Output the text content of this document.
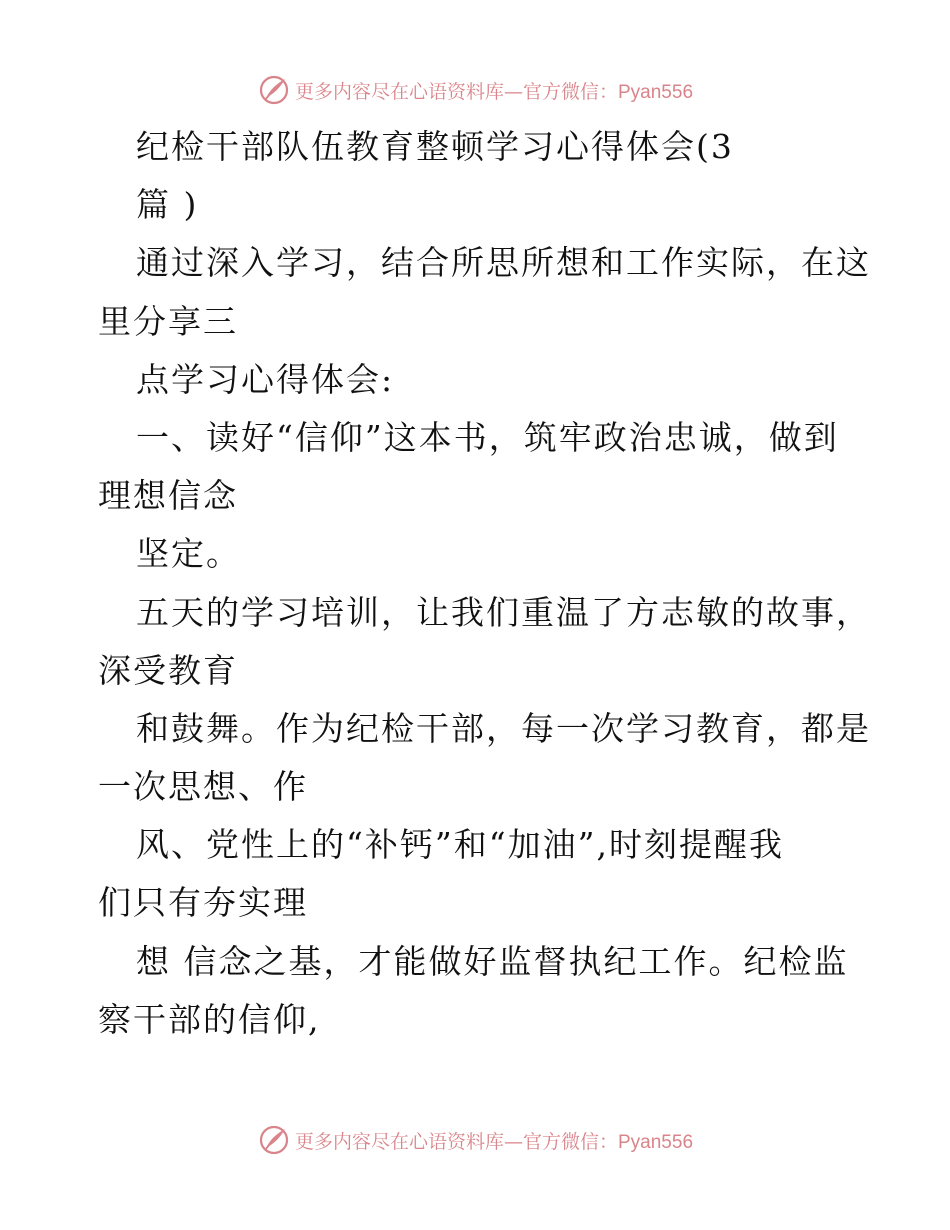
更多内容尽在心语资料库—官方微信：Pyan556
纪检干部队伍教育整顿学习心得体会(3
篇 )
通过深入学习，结合所思所想和工作实际，在这
里分享三
点学习心得体会:
一、读好“信仰”这本书，筑牢政治忠诚，做到
理想信念
坚定。
五天的学习培训，让我们重温了方志敏的故事，
深受教育
和鼓舞。作为纪检干部，每一次学习教育，都是
一次思想、作
风、党性上的“补钙”和“加油”,时刻提醒我
们只有夯实理
想 信念之基，才能做好监督执纪工作。纪检监
察干部的信仰,
更多内容尽在心语资料库—官方微信：Pyan556
